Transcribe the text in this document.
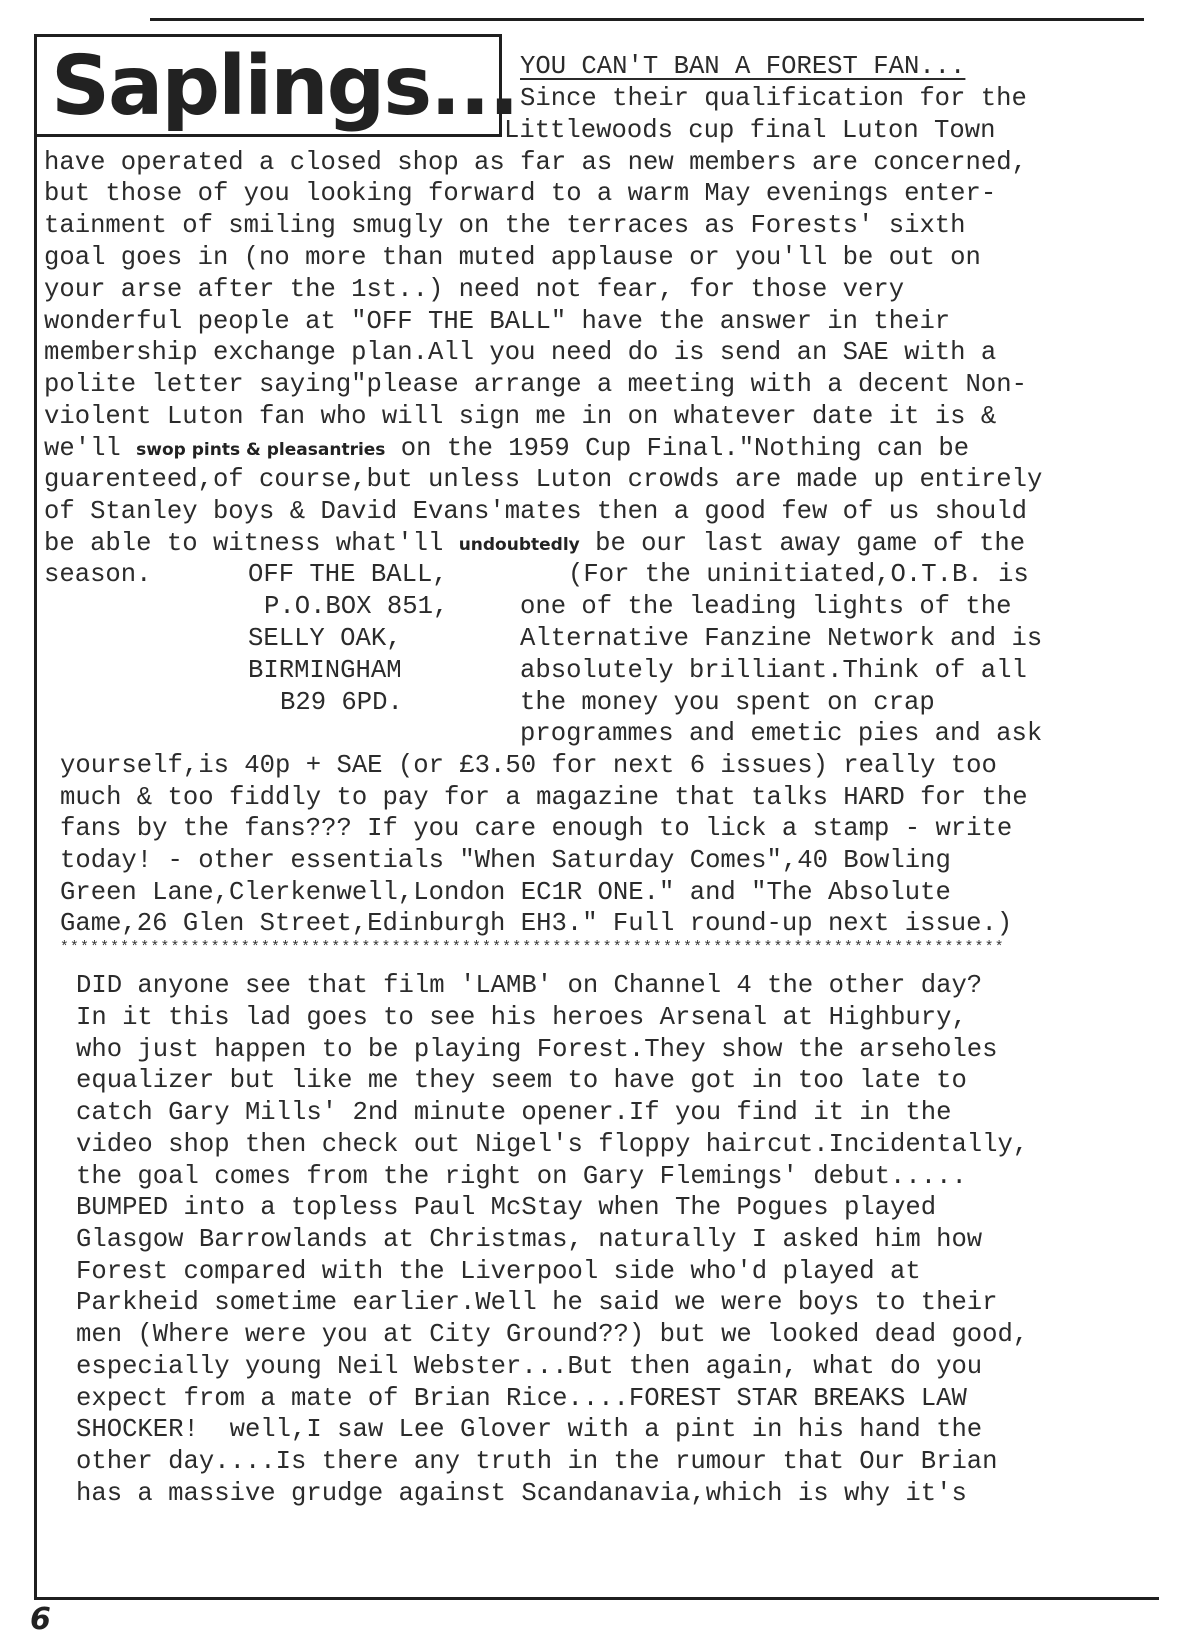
Saplings... YOU CAN'T BAN A FOREST FAN...
Since their qualification for the
Littlewoods cup final Luton Town
have operated a closed shop as far as new members are concerned,
but those of you looking forward to a warm May evenings enter-
tainment of smiling smugly on the terraces as Forests' sixth
goal goes in (no more than muted applause or you'll be out on
your arse after the 1st..) need not fear, for those very
wonderful people at "OFF THE BALL" have the answer in their
membership exchange plan.All you need do is send an SAE with a
polite letter saying"please arrange a meeting with a decent Non-
violent Luton fan who will sign me in on whatever date it is &
we'll swop pints & pleasantries on the 1959 Cup Final."Nothing can be
guarenteed,of course,but unless Luton crowds are made up entirely
of Stanley boys & David Evans'mates then a good few of us should
be able to witness what'll undoubtedly be our last away game of the
season.	OFF THE BALL,
P.O.BOX 851,
SELLY OAK,
BIRMINGHAM
B29 6PD.
(For the uninitiated,O.T.B. is
one of the leading lights of the
Alternative Fanzine Network and is
absolutely brilliant.Think of all
the money you spent on crap
programmes and emetic pies and ask
yourself,is 40p + SAE (or £3.50 for next 6 issues) really too
much & too fiddly to pay for a magazine that talks HARD for the
fans by the fans??? If you care enough to lick a stamp - write
today! - other essentials "When Saturday Comes",40 Bowling
Green Lane,Clerkenwell,London EC1R ONE." and "The Absolute
Game,26 Glen Street,Edinburgh EH3." Full round-up next issue.)
**********************************************************************************************
DID anyone see that film 'LAMB' on Channel 4 the other day?
In it this lad goes to see his heroes Arsenal at Highbury,
who just happen to be playing Forest.They show the arseholes
equalizer but like me they seem to have got in too late to
catch Gary Mills' 2nd minute opener.If you find it in the
video shop then check out Nigel's floppy haircut.Incidentally,
the goal comes from the right on Gary Flemings' debut.....
BUMPED into a topless Paul McStay when The Pogues played
Glasgow Barrowlands at Christmas, naturally I asked him how
Forest compared with the Liverpool side who'd played at
Parkheid sometime earlier.Well he said we were boys to their
men (Where were you at City Ground??) but we looked dead good,
especially young Neil Webster...But then again, what do you
expect from a mate of Brian Rice....FOREST STAR BREAKS LAW
SHOCKER!  well,I saw Lee Glover with a pint in his hand the
other day....Is there any truth in the rumour that Our Brian
has a massive grudge against Scandanavia,which is why it's
6
